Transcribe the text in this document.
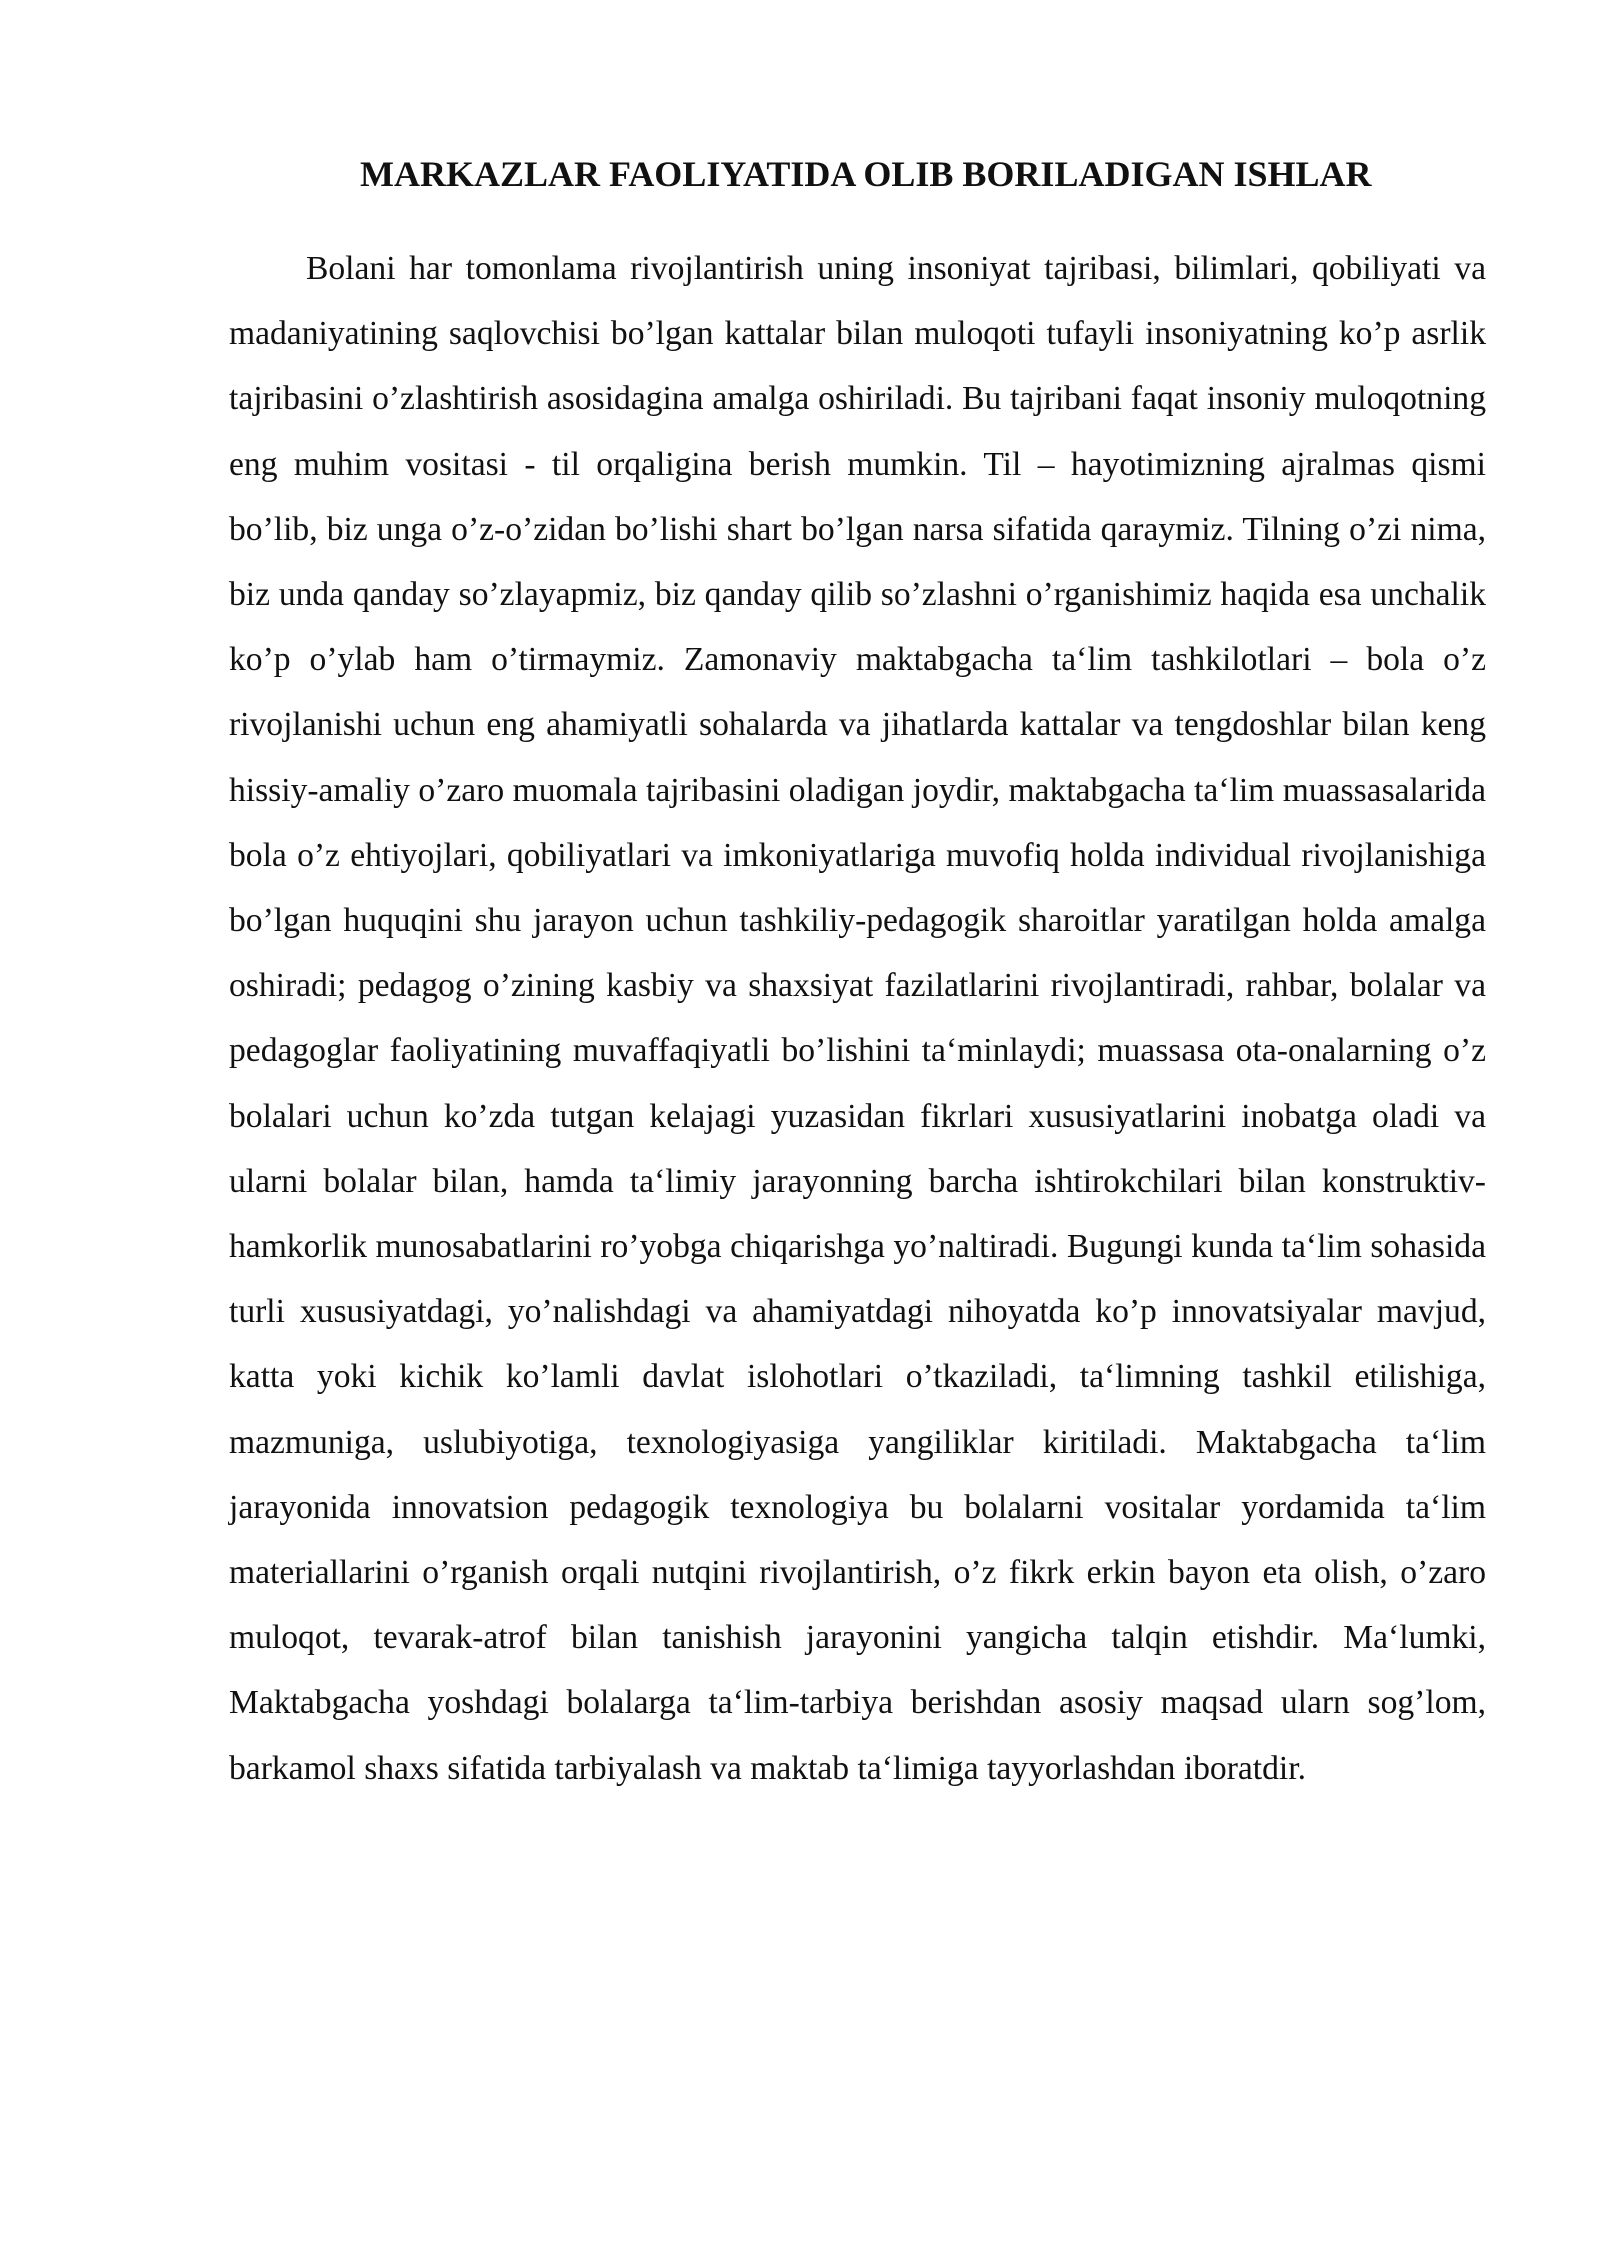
MARKAZLAR FAOLIYATIDA OLIB BORILADIGAN ISHLAR

Bolani har tomonlama rivojlantirish uning insoniyat tajribasi, bilimlari, qobiliyati va madaniyatining saqlovchisi bo’lgan kattalar bilan muloqoti tufayli insoniyatning ko’p asrlik tajribasini o’zlashtirish asosidagina amalga oshiriladi. Bu tajribani faqat insoniy muloqotning eng muhim vositasi - til orqaligina berish mumkin. Til – hayotimizning ajralmas qismi bo’lib, biz unga o’z-o’zidan bo’lishi shart bo’lgan narsa sifatida qaraymiz. Tilning o’zi nima, biz unda qanday so’zlayapmiz, biz qanday qilib so’zlashni o’rganishimiz haqida esa unchalik ko’p o’ylab ham o’tirmaymiz. Zamonaviy maktabgacha ta‘lim tashkilotlari – bola o’z rivojlanishi uchun eng ahamiyatli sohalarda va jihatlarda kattalar va tengdoshlar bilan keng hissiy-amaliy o’zaro muomala tajribasini oladigan joydir, maktabgacha ta‘lim muassasalarida bola o’z ehtiyojlari, qobiliyatlari va imkoniyatlariga muvofiq holda individual rivojlanishiga bo’lgan huquqini shu jarayon uchun tashkiliy-pedagogik sharoitlar yaratilgan holda amalga oshiradi; pedagog o’zining kasbiy va shaxsiyat fazilatlarini rivojlantiradi, rahbar, bolalar va pedagoglar faoliyatining muvaffaqiyatli bo’lishini ta‘minlaydi; muassasa ota-onalarning o’z bolalari uchun ko’zda tutgan kelajagi yuzasidan fikrlari xususiyatlarini inobatga oladi va ularni bolalar bilan, hamda ta‘limiy jarayonning barcha ishtirokchilari bilan konstruktiv-hamkorlik munosabatlarini ro’yobga chiqarishga yo’naltiradi. Bugungi kunda ta‘lim sohasida turli xususiyatdagi, yo’nalishdagi va ahamiyatdagi nihoyatda ko’p innovatsiyalar mavjud, katta yoki kichik ko’lamli davlat islohotlari o’tkaziladi, ta‘limning tashkil etilishiga, mazmuniga, uslubiyotiga, texnologiyasiga yangiliklar kiritiladi. Maktabgacha ta‘lim jarayonida innovatsion pedagogik texnologiya bu bolalarni vositalar yordamida ta‘lim materiallarini o’rganish orqali nutqini rivojlantirish, o’z fikrk erkin bayon eta olish, o’zaro muloqot, tevarak-atrof bilan tanishish jarayonini yangicha talqin etishdir. Ma‘lumki, Maktabgacha yoshdagi bolalarga ta‘lim-tarbiya berishdan asosiy maqsad ularn sog’lom, barkamol shaxs sifatida tarbiyalash va maktab ta‘limiga tayyorlashdan iboratdir.
